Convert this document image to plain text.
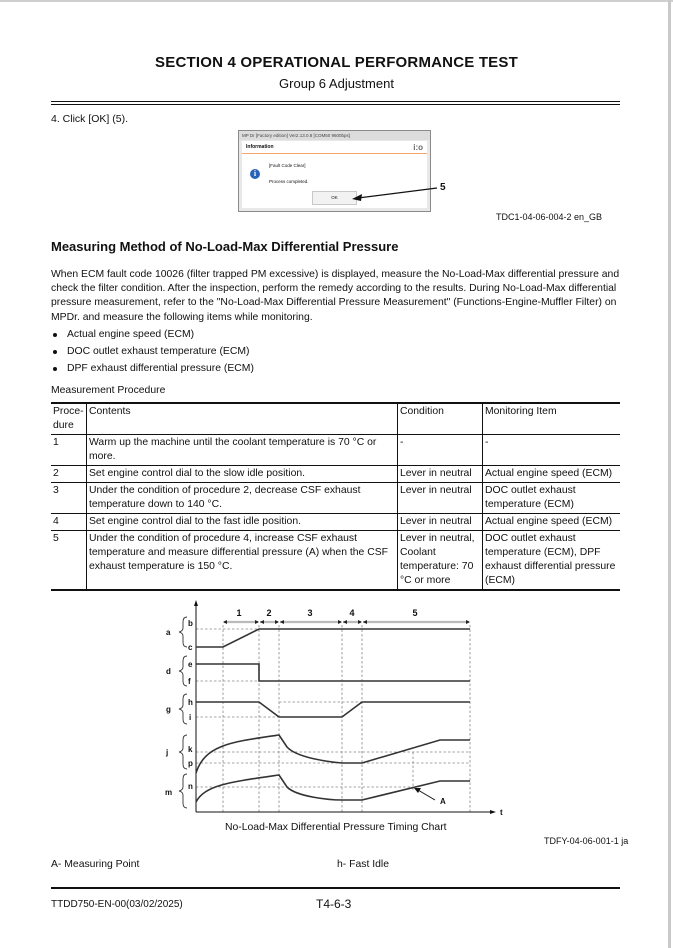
SECTION 4 OPERATIONAL PERFORMANCE TEST
Group 6 Adjustment
4. Click [OK] (5).
MP Dr [Factory edition] Ver2.13.0.8 [COM50 9600bps]
Information	i:o
i
[Fault Code Clear]
Process completed.
OK
5
TDC1-04-06-004-2 en_GB
Measuring Method of No-Load-Max Differential Pressure
When ECM fault code 10026 (filter trapped PM excessive) is displayed, measure the No-Load-Max differential pressure and check the filter condition. After the inspection, perform the remedy according to the results. During No-Load-Max differential pressure measurement, refer to the "No-Load-Max Differential Pressure Measurement" (Functions-Engine-Muffler Filter) on MPDr. and measure the following items while monitoring.
Actual engine speed (ECM)
DOC outlet exhaust temperature (ECM)
DPF exhaust differential pressure (ECM)
Measurement Procedure
Proce-dure	Contents	Condition	Monitoring Item
1	Warm up the machine until the coolant temperature is 70 °C or more.	-	-
2	Set engine control dial to the slow idle position.	Lever in neutral	Actual engine speed (ECM)
3	Under the condition of procedure 2, decrease CSF exhaust temperature down to 140 °C.	Lever in neutral	DOC outlet exhaust temperature (ECM)
4	Set engine control dial to the fast idle position.	Lever in neutral	Actual engine speed (ECM)
5	Under the condition of procedure 4, increase CSF exhaust temperature and measure differential pressure (A) when the CSF exhaust temperature is 150 °C.	Lever in neutral, Coolant temperature: 70 °C or more	DOC outlet exhaust temperature (ECM), DPF exhaust differential pressure (ECM)
1	2	3	4	5
t
a
d
g
j
m
b
c
e
f
h
i
k
p
n
A
No-Load-Max Differential Pressure Timing Chart
TDFY-04-06-001-1 ja
A- Measuring Point	h- Fast Idle
TTDD750-EN-00(03/02/2025)	T4-6-3
